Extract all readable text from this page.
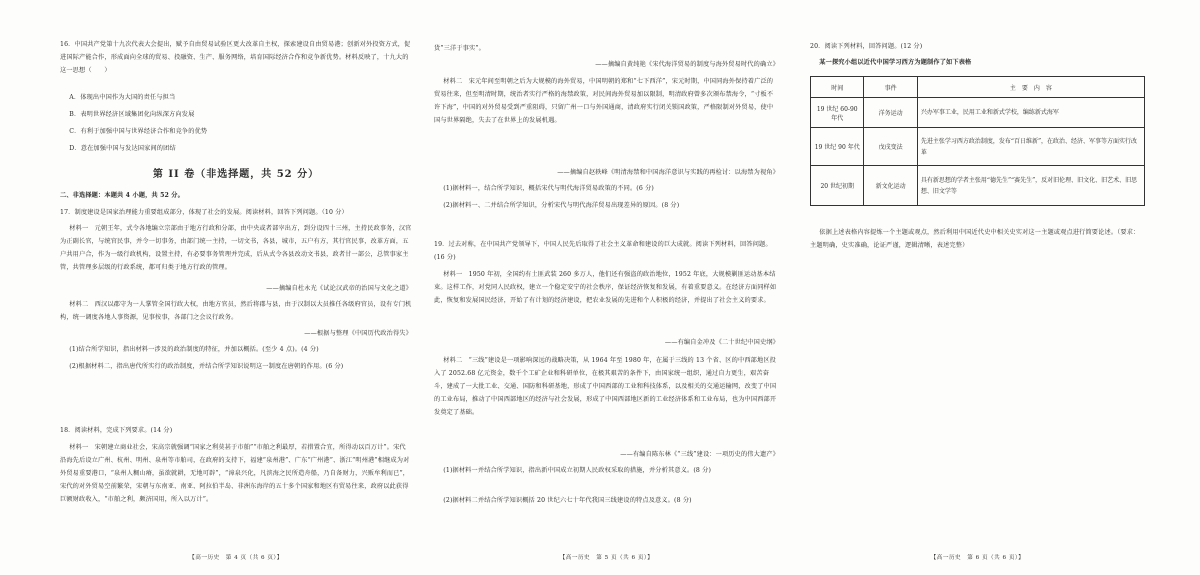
16．中国共产党第十九次代表大会提出，赋予自由贸易试验区更大改革自主权，探索建设自由贸易港；创新对外投资方式，促进国际产能合作，形成面向全球的贸易、投融资、生产、服务网络，培育国际经济合作和竞争新优势。材料反映了，十九大的这一思想（　　）
A．体现出中国作为大国的责任与担当
B．表明世界经济区域集团化向纵深方向发展
C．有利于加强中国与世界经济合作和竞争的优势
D．意在加强中国与发达国家间的团结
第 II 卷（非选择题，共 52 分）
二、非选择题：本题共 4 小题，共 52 分。
17．制度建设是国家治理能力重要组成部分，体现了社会的发展。阅读材料，回答下列问题。（10 分）
材料一　元朝王年，式令各地编立宗部由于地方行政和分部，由中央或者部宰出方，到分设四十三州，主持民政事务，汉官为正副长官，与统官民事，并令一切事务，由部门统一主持，一切文书，各县，城市，五户有方，其行官民事，改革方面，五户共用户合，作为一级行政机构，设置主持，有必要事务管理并完成，后从式令各县改动文书县，政者甘一部公，总管事家主管，共管理多层级的行政系统，都可归类于地方行政的管理。
——摘编自杜永光《试论汉武帝的治国与文化之道》
材料二　西汉以郡守为一人掌管全国行政大权，由地方官员，然后将郡与县，由于汉制以大员推任各级府官员，设有专门机构，统一调度各地人事资源，见事按事，各部门之会议行政务。
——根据与整理《中国历代政治得失》
(1)结合所学知识，指出材料一涉及的政治制度的特征，并加以概括。(至少 4 点)。(4 分)
(2)根据材料二，指出唐代所实行的政治制度，并结合所学知识说明这一制度在唐朝的作用。(6 分)
18．阅读材料，完成下列要求。(14 分)
材料一　宋朝建立商业社会，宋高宗就强调“国家之利莫甚于市舶”“市舶之利最厚，若措置合宜，所得动以百万计”。宋代沿海先后设立广州、杭州、明州、泉州等市舶司，在政府的支持下，福建“泉州港”、广东“广州港”、浙江“明州港”相继成为对外贸易重要港口，“泉州人稠山瘠，虽欲就耕，无地可辟”，“漳泉兴化，凡滨海之民所造舟船，乃自备财力，兴贩牟利而已”，宋代的对外贸易空前繁荣，宋朝与东南亚、南亚、阿拉伯半岛、非洲东海岸的五十多个国家和地区有贸易往来，政府以此获得巨额财政收入，“市舶之利，颇济国用，所入以万计”。
【高一历史　第 4 页（共 6 页）】
货”三洋于事实”。
——摘编自黄纯艳《宋代海洋贸易的制度与海外贸易时代的确立》
材料二　宋元年间至明朝之后为大规模的海外贸易，中国明朝的郑和“七下西洋”，宋元时期，中国同海外保持着广泛的贸易往来，但至明清时期，统治者实行严格的海禁政策，对民间海外贸易加以限制，明清政府曾多次颁布禁海令，“寸板不许下海”，中国的对外贸易受到严重阻碍，只留广州一口与外国通商，清政府实行闭关锁国政策，严格限制对外贸易，使中国与世界隔绝，失去了在世界上的发展机遇。
——摘编自赵轶峰《明清海禁和中国海洋意识与实践的再检讨：以海禁为视角》
(1)据材料一，结合所学知识，概括宋代与明代海洋贸易政策的不同。(6 分)
(2)据材料一、二并结合所学知识，分析宋代与明代海洋贸易出现差异的原因。(8 分)
19．过去对称，在中国共产党领导下，中国人民先后取得了社会主义革命和建设的巨大成就。阅读下列材料，回答问题。(16 分)
材料一　1950 年初，全国约有土匪武装 260 多万人，他们还有强盗的政治地位，1952 年底，大规模剿匪运动基本结束。这样工作，对党同人民政权，建立一个稳定安宁的社会秩序，保证经济恢复和发展，有着重要意义。在经济方面同样如此，恢复和发展国民经济，开始了有计划的经济建设，把农业发展的先进和个人积极的经济，并提出了社会主义的要求。
——有编自金冲及《二十世纪中国史纲》
材料二　“三线”建设是一项影响深远的战略决策，从 1964 年至 1980 年，在属于三线的 13 个省、区的中西部地区投入了 2052.68 亿元资金，数千个工矿企业和科研单位，在极其艰苦的条件下，由国家统一组织，通过自力更生，艰苦奋斗，建成了一大批工业、交通、国防和科研基地，形成了中国西部的工业和科技体系，以及相关的交通运输网，改变了中国的工业布局，推动了中国西部地区的经济与社会发展，形成了中国西部地区新的工业经济体系和工业布局，也为中国西部开发奠定了基础。
——有编自陈东林《“三线”建设：一项历史的伟大遗产》
(1)据材料一并结合所学知识，指出新中国成立初期人民政权采取的措施，并分析其意义。(8 分)
(2)据材料二并结合所学知识概括 20 世纪六七十年代我国三线建设的特点及意义。(8 分)
【高一历史　第 5 页（共 6 页）】
20．阅读下列材料，回答问题。(12 分)
某一探究小组以近代中国学习西方为题制作了如下表格
时间	事件	主　要　内　容
19 世纪 60-90 年代	洋务运动	兴办军事工业，民用工业和新式学校，编练新式海军
19 世纪 90 年代	戊戌变法	先进主张学习西方政治制度，发布“百日维新”，在政治、经济、军事等方面实行改革
20 世纪初期	新文化运动	具有新思想的学者主张用“德先生”“赛先生”，反对旧伦理、旧文化、旧艺术、旧思想、旧文学等
依据上述表格内容提炼一个主题或观点，然后利用中国近代史中相关史实对这一主题或观点进行简要论述。（要求：主题明确，史实准确，论证严谨，逻辑清晰，表述完整）
【高一历史　第 6 页（共 6 页）】
